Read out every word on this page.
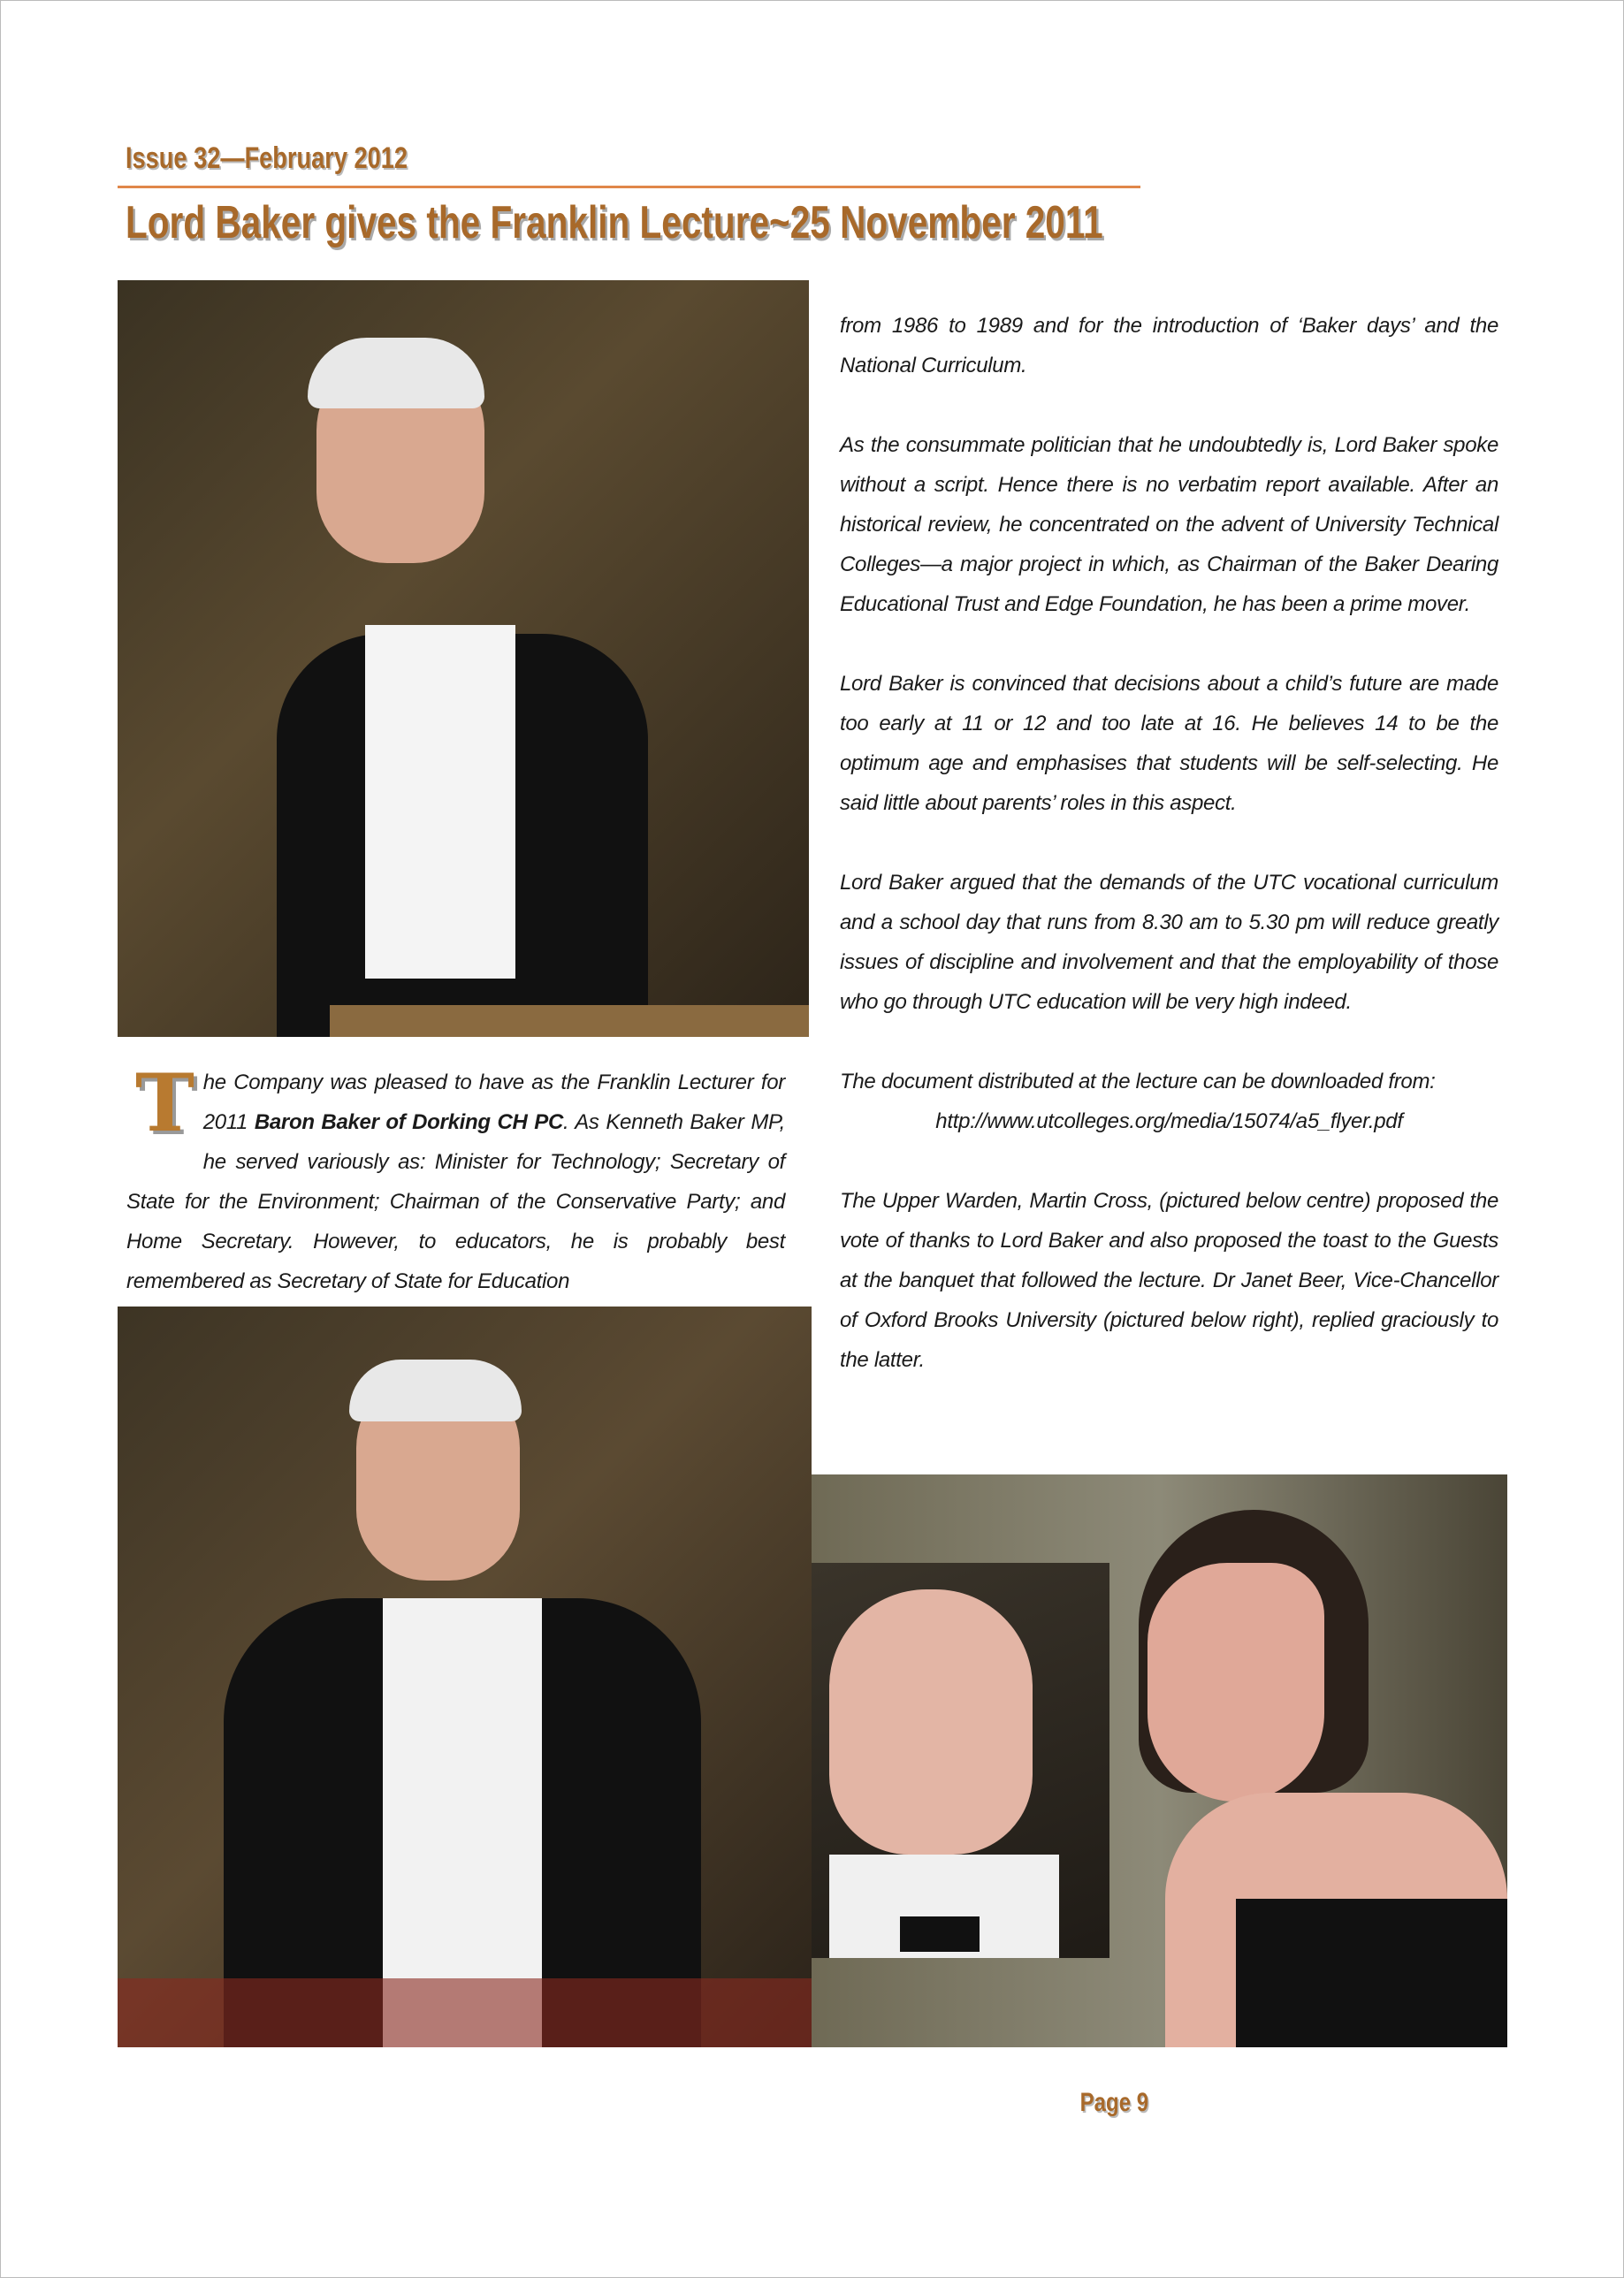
Issue 32—February 2012
Lord Baker gives the Franklin Lecture~25 November 2011
The Company was pleased to have as the Franklin Lecturer for 2011 Baron Baker of Dorking CH PC. As Kenneth Baker MP, he served variously as: Minister for Technology; Secretary of State for the Environment; Chairman of the Conservative Party; and Home Secretary. However, to educators, he is probably best remembered as Secretary of State for Education

from 1986 to 1989 and for the introduction of ‘Baker days’ and the National Curriculum.

As the consummate politician that he undoubtedly is, Lord Baker spoke without a script. Hence there is no verbatim report available. After an historical review, he concentrated on the advent of University Technical Colleges—a major project in which, as Chairman of the Baker Dearing Educational Trust and Edge Foundation, he has been a prime mover.

Lord Baker is convinced that decisions about a child’s future are made too early at 11 or 12 and too late at 16. He believes 14 to be the optimum age and emphasises that students will be self-selecting. He said little about parents’ roles in this aspect.

Lord Baker argued that the demands of the UTC vocational curriculum and a school day that runs from 8.30 am to 5.30 pm will reduce greatly issues of discipline and involvement and that the employability of those who go through UTC education will be very high indeed.

The document distributed at the lecture can be downloaded from:
http://www.utcolleges.org/media/15074/a5_flyer.pdf

The Upper Warden, Martin Cross, (pictured below centre) proposed the vote of thanks to Lord Baker and also proposed the toast to the Guests at the banquet that followed the lecture. Dr Janet Beer, Vice-Chancellor of Oxford Brooks University (pictured below right), replied graciously to the latter.

Page 9
